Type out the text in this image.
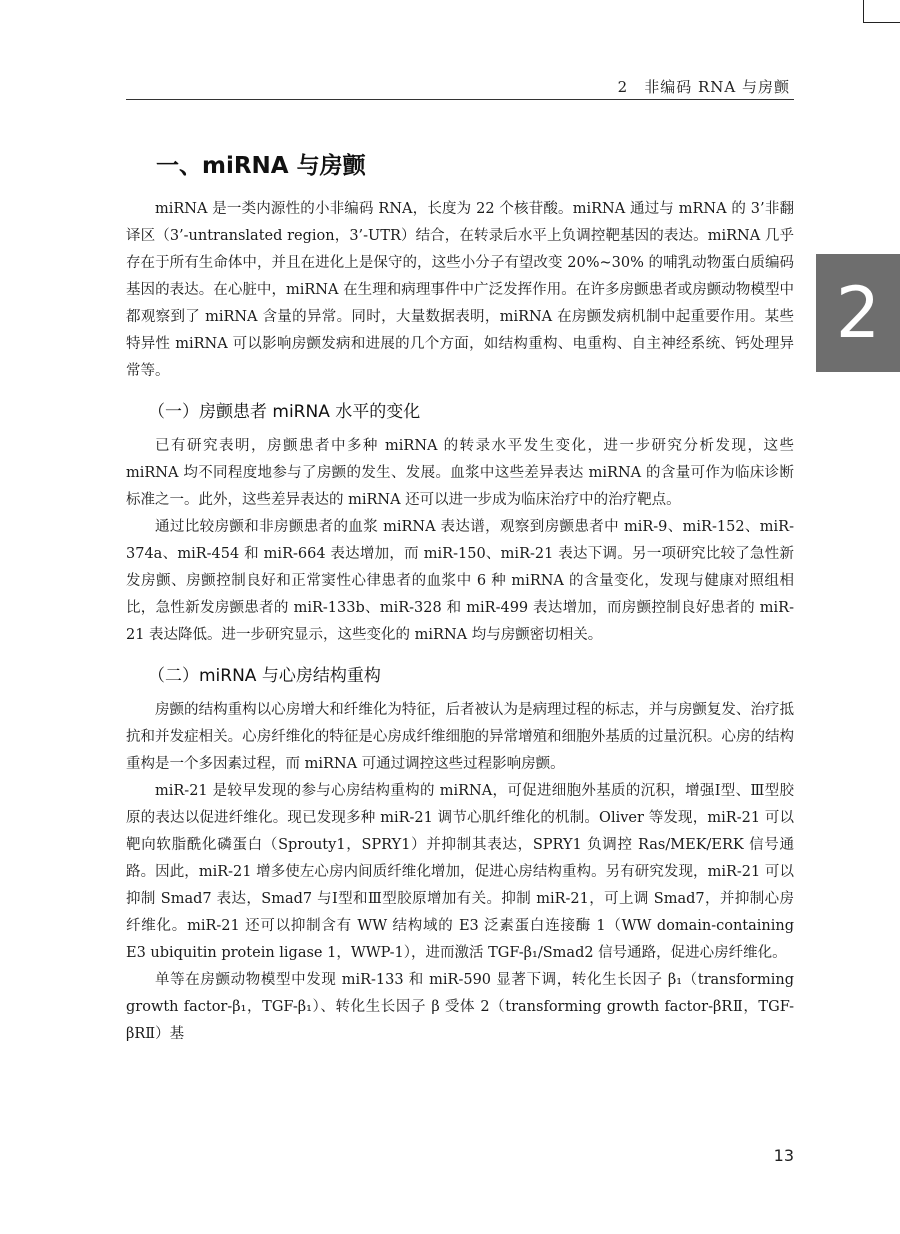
2　非编码 RNA 与房颤
2
一、miRNA 与房颤

miRNA 是一类内源性的小非编码 RNA，长度为 22 个核苷酸。miRNA 通过与 mRNA 的 3’非翻译区（3’-untranslated region，3’-UTR）结合，在转录后水平上负调控靶基因的表达。miRNA 几乎存在于所有生命体中，并且在进化上是保守的，这些小分子有望改变 20%~30% 的哺乳动物蛋白质编码基因的表达。在心脏中，miRNA 在生理和病理事件中广泛发挥作用。在许多房颤患者或房颤动物模型中都观察到了 miRNA 含量的异常。同时，大量数据表明，miRNA 在房颤发病机制中起重要作用。某些特异性 miRNA 可以影响房颤发病和进展的几个方面，如结构重构、电重构、自主神经系统、钙处理异常等。

（一）房颤患者 miRNA 水平的变化

已有研究表明，房颤患者中多种 miRNA 的转录水平发生变化，进一步研究分析发现，这些 miRNA 均不同程度地参与了房颤的发生、发展。血浆中这些差异表达 miRNA 的含量可作为临床诊断标准之一。此外，这些差异表达的 miRNA 还可以进一步成为临床治疗中的治疗靶点。

通过比较房颤和非房颤患者的血浆 miRNA 表达谱，观察到房颤患者中 miR-9、miR-152、miR-374a、miR-454 和 miR-664 表达增加，而 miR-150、miR-21 表达下调。另一项研究比较了急性新发房颤、房颤控制良好和正常窦性心律患者的血浆中 6 种 miRNA 的含量变化，发现与健康对照组相比，急性新发房颤患者的 miR-133b、miR-328 和 miR-499 表达增加，而房颤控制良好患者的 miR-21 表达降低。进一步研究显示，这些变化的 miRNA 均与房颤密切相关。

（二）miRNA 与心房结构重构

房颤的结构重构以心房增大和纤维化为特征，后者被认为是病理过程的标志，并与房颤复发、治疗抵抗和并发症相关。心房纤维化的特征是心房成纤维细胞的异常增殖和细胞外基质的过量沉积。心房的结构重构是一个多因素过程，而 miRNA 可通过调控这些过程影响房颤。

miR-21 是较早发现的参与心房结构重构的 miRNA，可促进细胞外基质的沉积，增强Ⅰ型、Ⅲ型胶原的表达以促进纤维化。现已发现多种 miR-21 调节心肌纤维化的机制。Oliver 等发现，miR-21 可以靶向软脂酰化磷蛋白（Sprouty1，SPRY1）并抑制其表达，SPRY1 负调控 Ras/MEK/ERK 信号通路。因此，miR-21 增多使左心房内间质纤维化增加，促进心房结构重构。另有研究发现，miR-21 可以抑制 Smad7 表达，Smad7 与Ⅰ型和Ⅲ型胶原增加有关。抑制 miR-21，可上调 Smad7，并抑制心房纤维化。miR-21 还可以抑制含有 WW 结构域的 E3 泛素蛋白连接酶 1（WW domain-containing E3 ubiquitin protein ligase 1，WWP-1），进而激活 TGF-β₁/Smad2 信号通路，促进心房纤维化。

单等在房颤动物模型中发现 miR-133 和 miR-590 显著下调，转化生长因子 β₁（transforming growth factor-β₁，TGF-β₁）、转化生长因子 β 受体 2（transforming growth factor-βRⅡ，TGF-βRⅡ）基

13
